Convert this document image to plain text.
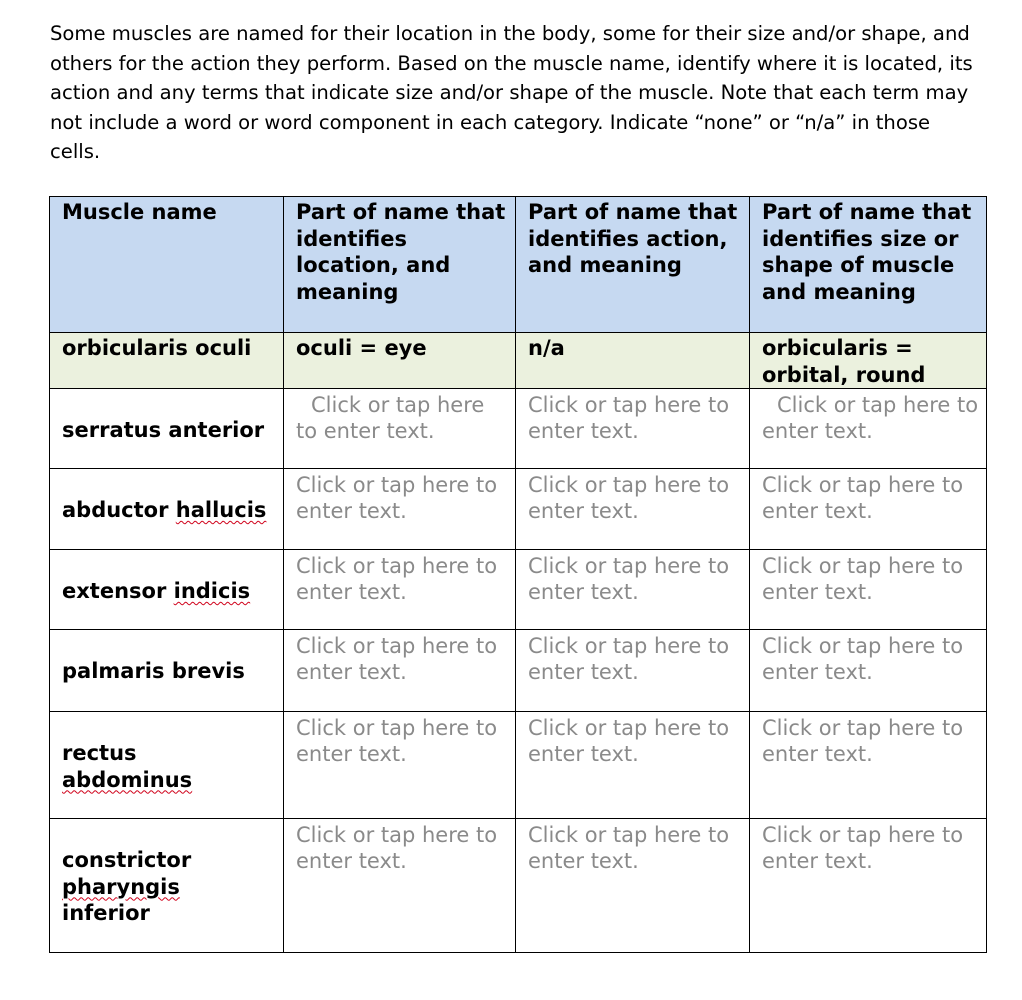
Some muscles are named for their location in the body, some for their size and/or shape, and others for the action they perform. Based on the muscle name, identify where it is located, its action and any terms that indicate size and/or shape of the muscle. Note that each term may not include a word or word component in each category. Indicate “none” or “n/a” in those cells.

Muscle name	Part of name that identifies location, and meaning	Part of name that identifies action, and meaning	Part of name that identifies size or shape of muscle and meaning
orbicularis oculi	oculi = eye	n/a	orbicularis = orbital, round
serratus anterior	Click or tap here to enter text.	Click or tap here to enter text.	Click or tap here to enter text.

abductor hallucis	Click or tap here to enter text.	Click or tap here to enter text.	Click or tap here to enter text.

extensor indicis	Click or tap here to enter text.	Click or tap here to enter text.	Click or tap here to enter text.

palmaris brevis	Click or tap here to enter text.	Click or tap here to enter text.	Click or tap here to enter text.

rectus
abdominus	Click or tap here to enter text.	Click or tap here to enter text.	Click or tap here to enter text.

constrictor
pharyngis
inferior	Click or tap here to enter text.	Click or tap here to enter text.	Click or tap here to enter text.
